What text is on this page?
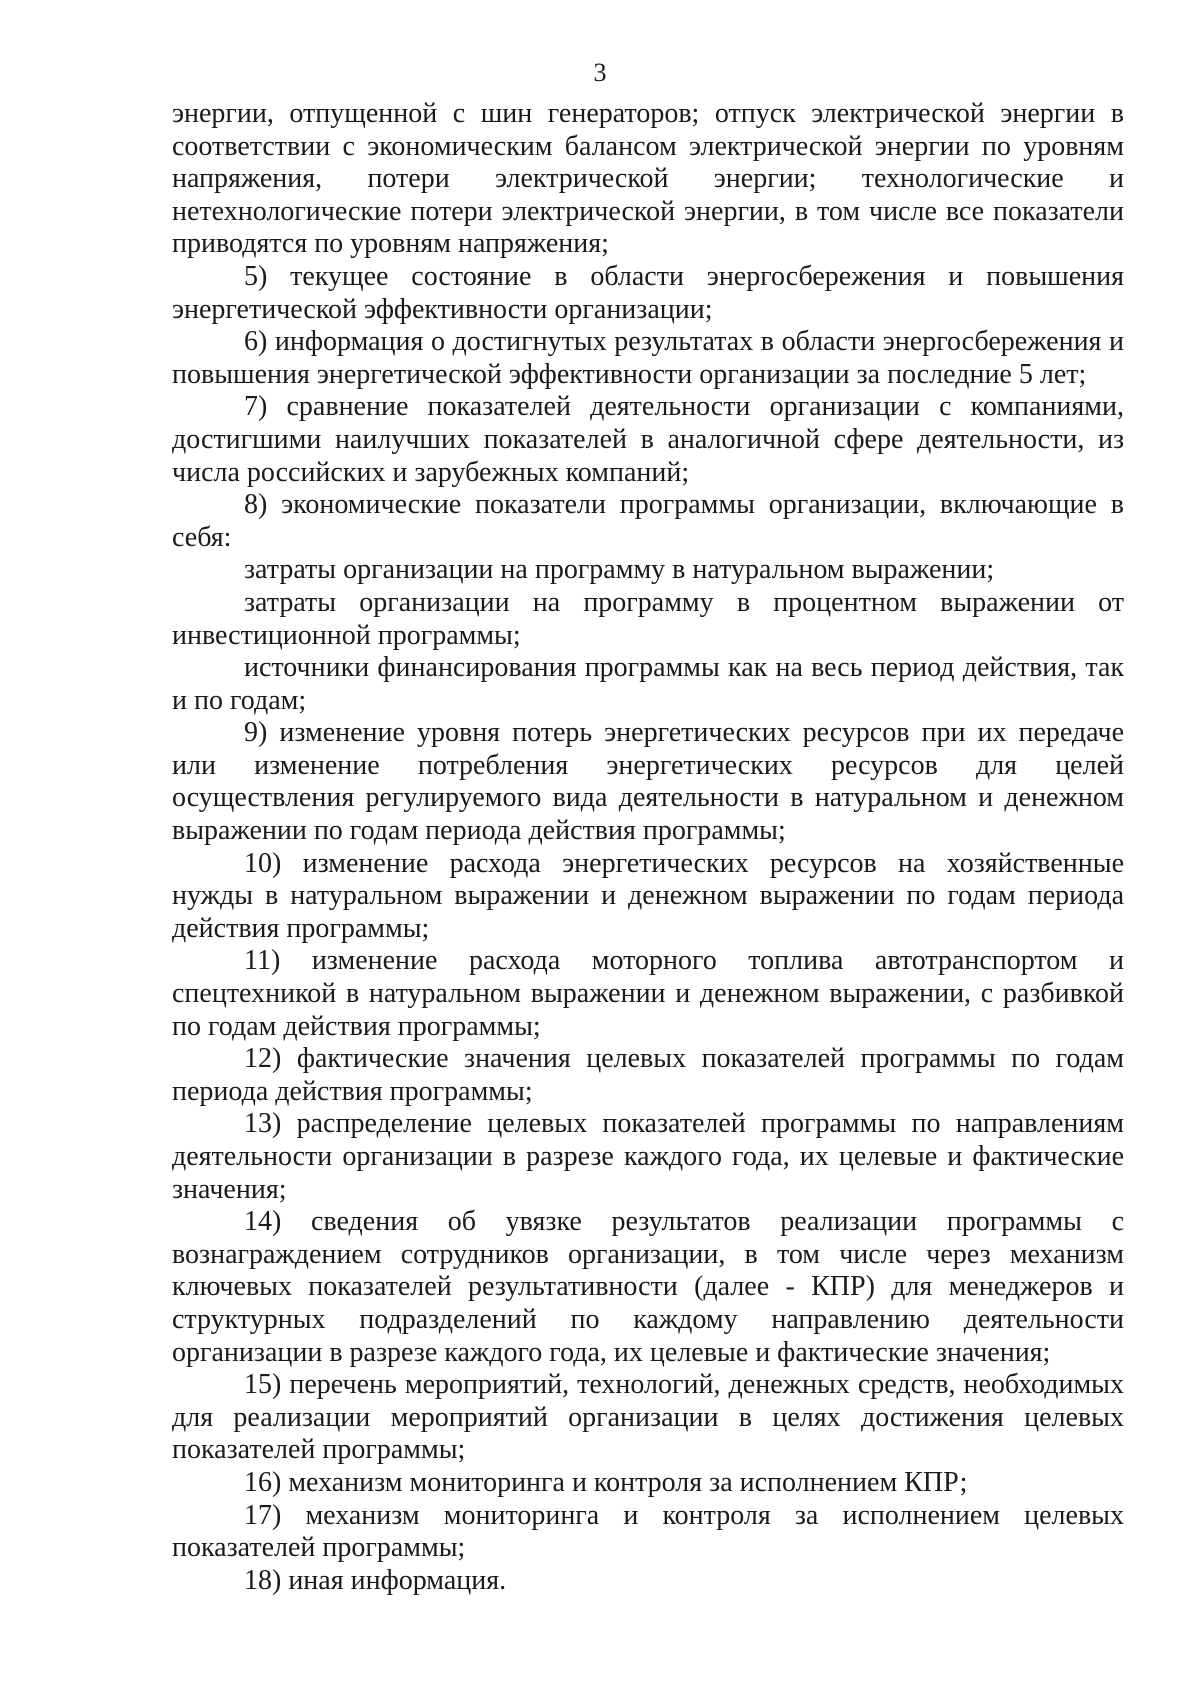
3

энергии, отпущенной с шин генераторов; отпуск электрической энергии в соответствии с экономическим балансом электрической энергии по уровням напряжения, потери электрической энергии; технологические и нетехнологические потери электрической энергии, в том числе все показатели приводятся по уровням напряжения;

5) текущее состояние в области энергосбережения и повышения энергетической эффективности организации;

6) информация о достигнутых результатах в области энергосбережения и повышения энергетической эффективности организации за последние 5 лет;

7) сравнение показателей деятельности организации с компаниями, достигшими наилучших показателей в аналогичной сфере деятельности, из числа российских и зарубежных компаний;

8) экономические показатели программы организации, включающие в себя:

затраты организации на программу в натуральном выражении;

затраты организации на программу в процентном выражении от инвестиционной программы;

источники финансирования программы как на весь период действия, так и по годам;

9) изменение уровня потерь энергетических ресурсов при их передаче или изменение потребления энергетических ресурсов для целей осуществления регулируемого вида деятельности в натуральном и денежном выражении по годам периода действия программы;

10) изменение расхода энергетических ресурсов на хозяйственные нужды в натуральном выражении и денежном выражении по годам периода действия программы;

11) изменение расхода моторного топлива автотранспортом и спецтехникой в натуральном выражении и денежном выражении, с разбивкой по годам действия программы;

12) фактические значения целевых показателей программы по годам периода действия программы;

13) распределение целевых показателей программы по направлениям деятельности организации в разрезе каждого года, их целевые и фактические значения;

14) сведения об увязке результатов реализации программы с вознаграждением сотрудников организации, в том числе через механизм ключевых показателей результативности (далее - КПР) для менеджеров и структурных подразделений по каждому направлению деятельности организации в разрезе каждого года, их целевые и фактические значения;

15) перечень мероприятий, технологий, денежных средств, необходимых для реализации мероприятий организации в целях достижения целевых показателей программы;

16) механизм мониторинга и контроля за исполнением КПР;

17) механизм мониторинга и контроля за исполнением целевых показателей программы;

18) иная информация.
